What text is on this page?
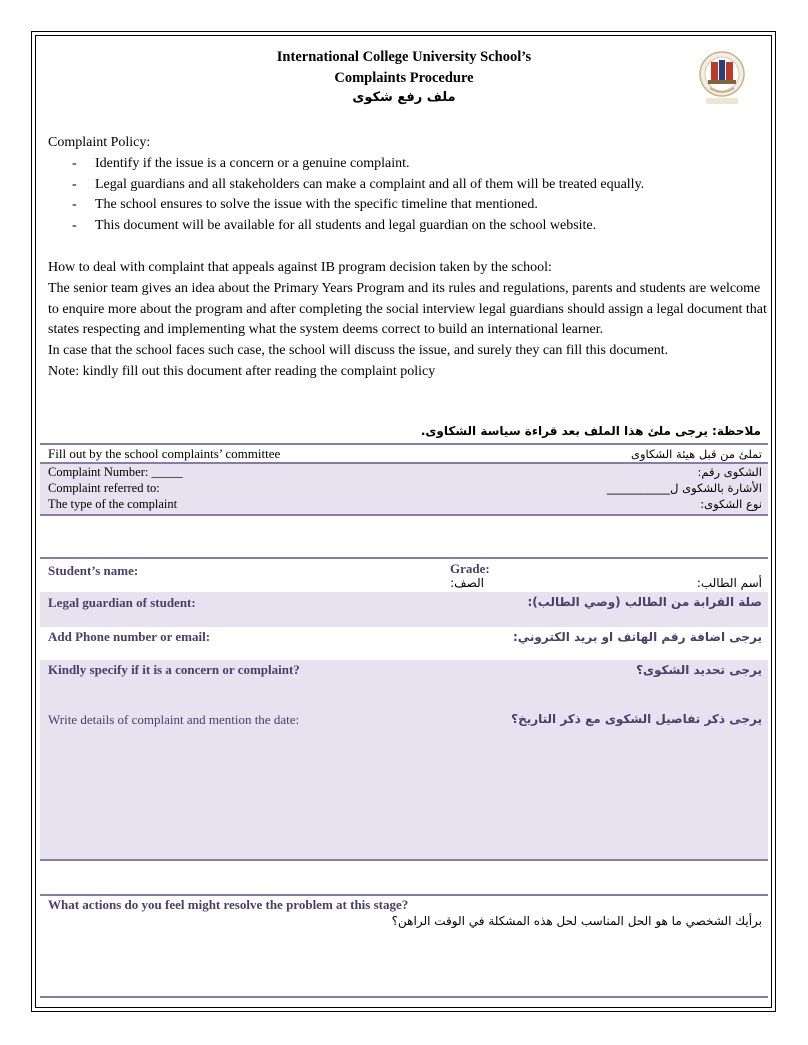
International College University School’s
Complaints Procedure
ملف رفع شكوى
Complaint Policy:
- Identify if the issue is a concern or a genuine complaint.
- Legal guardians and all stakeholders can make a complaint and all of them will be treated equally.
- The school ensures to solve the issue with the specific timeline that mentioned.
- This document will be available for all students and legal guardian on the school website.
How to deal with complaint that appeals against IB program decision taken by the school:
The senior team gives an idea about the Primary Years Program and its rules and regulations, parents and students are welcome to enquire more about the program and after completing the social interview legal guardians should assign a legal document that states respecting and implementing what the system deems correct to build an international learner.
In case that the school faces such case, the school will discuss the issue, and surely they can fill this document.
Note: kindly fill out this document after reading the complaint policy
ملاحظة: يرجى ملئ هذا الملف بعد قراءة سياسة الشكاوى.
Fill out by the school complaints’ committee	تملئ من قبل هيئة الشكاوى
Complaint Number: _____	الشكوى رقم:
Complaint referred to:	الأشارة بالشكوى ل___________
The type of the complaint	نوع الشكوى:
Student’s name:	Grade:
الصف:	أسم الطالب:
Legal guardian of student:	صلة القرابة من الطالب (وصي الطالب):
Add Phone number or email:	يرجى اضافة رقم الهاتف او بريد الكتروني:
Kindly specify if it is a concern or complaint?	يرجى تحديد الشكوى؟
Write details of complaint and mention the date:	يرجى ذكر تفاصيل الشكوى مع ذكر التاريخ؟
What actions do you feel might resolve the problem at this stage?
برأيك الشخصي ما هو الحل المناسب لحل هذه المشكلة في الوقت الراهن؟
